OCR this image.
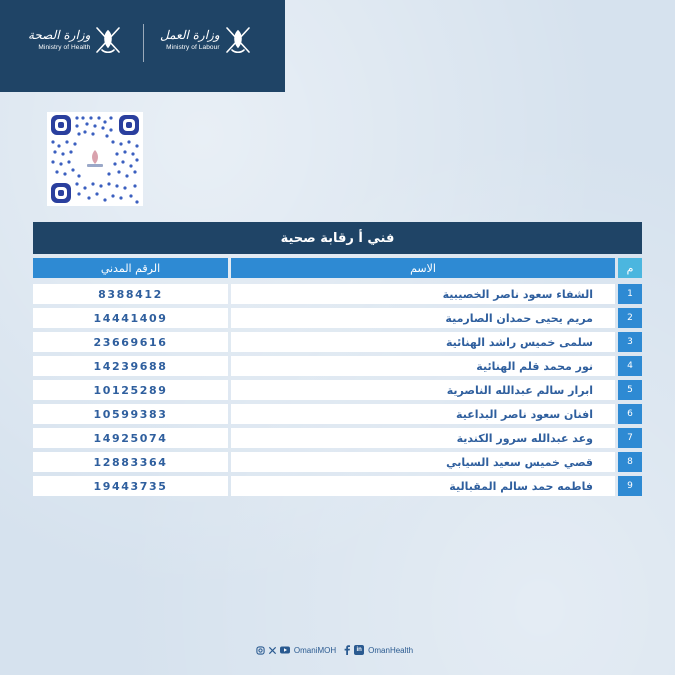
وزارة الصحة
Ministry of Health
وزارة العمل
Ministry of Labour
فني أ رقابة صحية
الرقم المدني	الاسم	م
8388412	الشفاء سعود ناصر الخصيبية	1
14441409	مريم يحيى حمدان الصارمية	2
23669616	سلمى خميس راشد الهنائية	3
14239688	نور محمد قلم الهنائية	4
10125289	ابرار سالم عبدالله الناصرية	5
10599383	افنان سعود ناصر البداعية	6
14925074	وعد عبدالله سرور الكندية	7
12883364	قصي خميس سعيد السيابي	8
19443735	فاطمه حمد سالم المقبالية	9
OmaniMOH	in OmanHealth
